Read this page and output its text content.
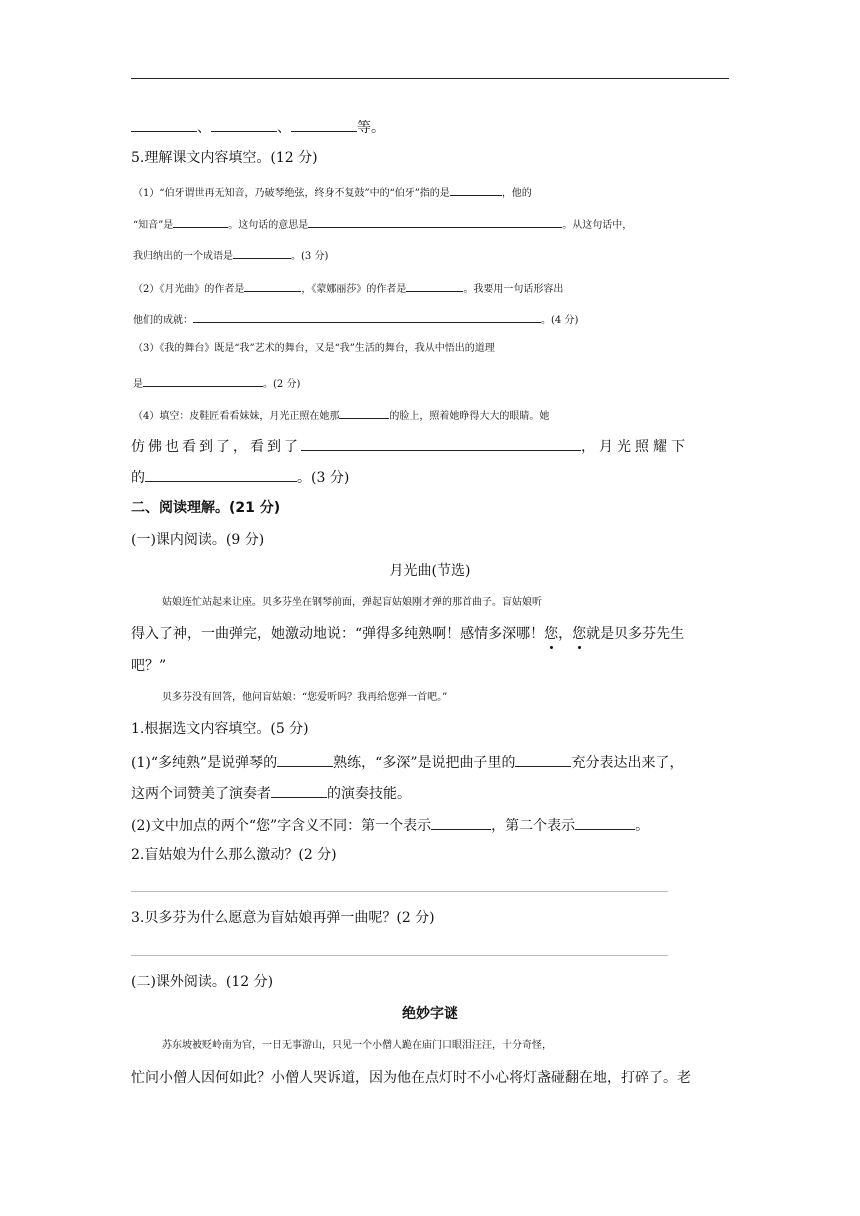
、	、	等。
5.理解课文内容填空。(12 分)
（1）“伯牙谓世再无知音，乃破琴绝弦，终身不复鼓”中的“伯牙”指的是	，他的
“知音”是	。这句话的意思是	。从这句话中，
我归纳出的一个成语是	。(3 分)
（2）《月光曲》的作者是	，《蒙娜丽莎》的作者是	。我要用一句话形容出
他们的成就：	。(4 分)
（3）《我的舞台》既是“我”艺术的舞台，又是“我”生活的舞台，我从中悟出的道理
是	。(2 分)
（4）填空：皮鞋匠看看妹妹，月光正照在她那	的脸上，照着她睁得大大的眼睛。她
仿佛也看到了，看到了	，月光照耀下
的	。(3 分)
二、阅读理解。(21 分)
(一)课内阅读。(9 分)
月光曲(节选)
姑娘连忙站起来让座。贝多芬坐在钢琴前面，弹起盲姑娘刚才弹的那首曲子。盲姑娘听
得入了神，一曲弹完，她激动地说：“弹得多纯熟啊！感情多深哪！您，您就是贝多芬先生
吧？”
贝多芬没有回答，他问盲姑娘：“您爱听吗？我再给您弹一首吧。”
1.根据选文内容填空。(5 分)
(1)“多纯熟”是说弹琴的	熟练，“多深”是说把曲子里的	充分表达出来了，
这两个词赞美了演奏者	的演奏技能。
(2)文中加点的两个“您”字含义不同：第一个表示	，第二个表示	。
2.盲姑娘为什么那么激动？(2 分)
3.贝多芬为什么愿意为盲姑娘再弹一曲呢？(2 分)
(二)课外阅读。(12 分)
绝妙字谜
苏东坡被贬岭南为官，一日无事游山，只见一个小僧人跪在庙门口眼泪汪汪，十分奇怪，
忙问小僧人因何如此？小僧人哭诉道，因为他在点灯时不小心将灯盏碰翻在地，打碎了。老
